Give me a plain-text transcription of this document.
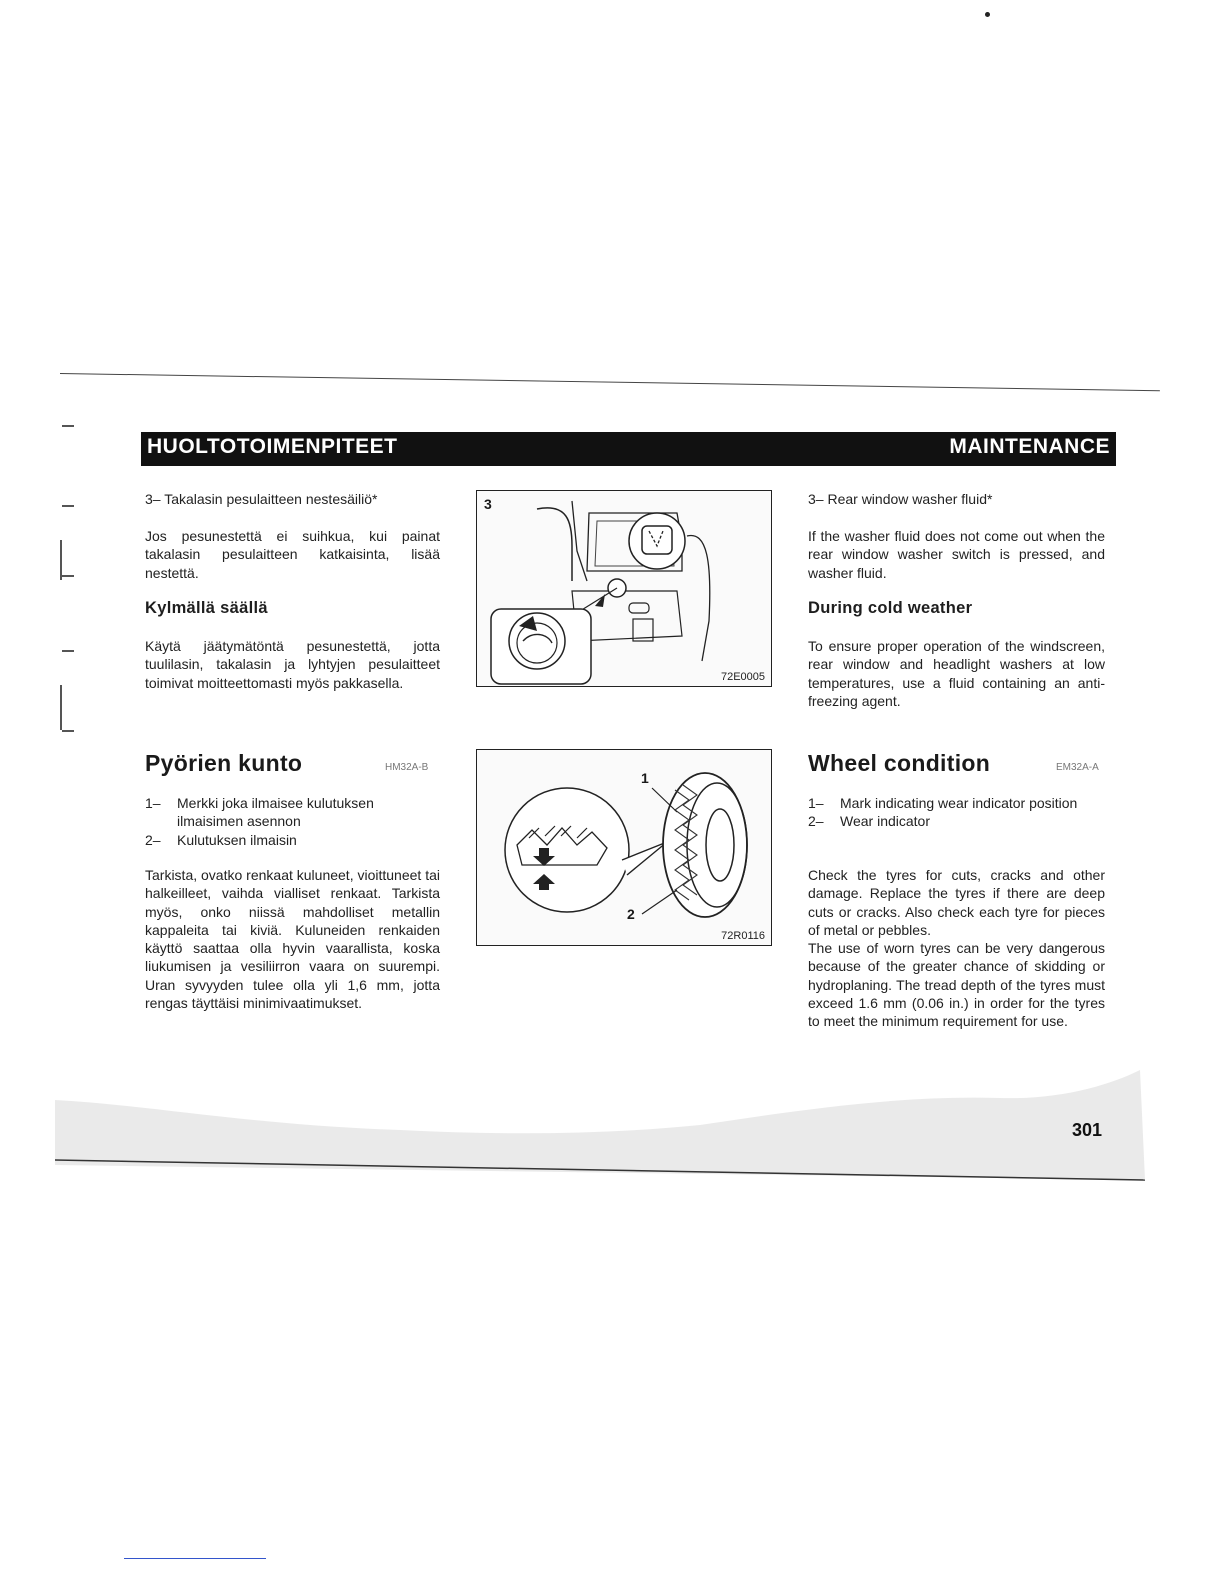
HUOLTOTOIMENPITEET	MAINTENANCE
3– Takalasin pesulaitteen nestesäiliö*
Jos pesunestettä ei suihkua, kui painat takalasin pesulaitteen katkaisinta, lisää nestettä.
Kylmällä säällä
Käytä jäätymätöntä pesunestettä, jotta tuulilasin, takalasin ja lyhtyjen pesulaitteet toimivat moitteettomasti myös pakkasella.
Pyörien kunto	HM32A-B
1–	Merkki joka ilmaisee kulutuksen ilmaisimen asennon
2–	Kulutuksen ilmaisin
Tarkista, ovatko renkaat kuluneet, vioittuneet tai halkeilleet, vaihda vialliset renkaat. Tarkista myös, onko niissä mahdolliset metallin kappaleita tai kiviä. Kuluneiden renkaiden käyttö saattaa olla hyvin vaarallista, koska liukumisen ja vesiliirron vaara on suurempi. Uran syvyyden tulee olla yli 1,6 mm, jotta rengas täyttäisi minimivaatimukset.
3
72E0005
1
2
72R0116
3– Rear window washer fluid*
If the washer fluid does not come out when the rear window washer switch is pressed, and washer fluid.
During cold weather
To ensure proper operation of the windscreen, rear window and headlight washers at low temperatures, use a fluid containing an anti-freezing agent.
Wheel condition	EM32A-A
1–	Mark indicating wear indicator position
2–	Wear indicator
Check the tyres for cuts, cracks and other damage. Replace the tyres if there are deep cuts or cracks. Also check each tyre for pieces of metal or pebbles.
The use of worn tyres can be very dangerous because of the greater chance of skidding or hydroplaning. The tread depth of the tyres must exceed 1.6 mm (0.06 in.) in order for the tyres to meet the minimum requirement for use.
301
